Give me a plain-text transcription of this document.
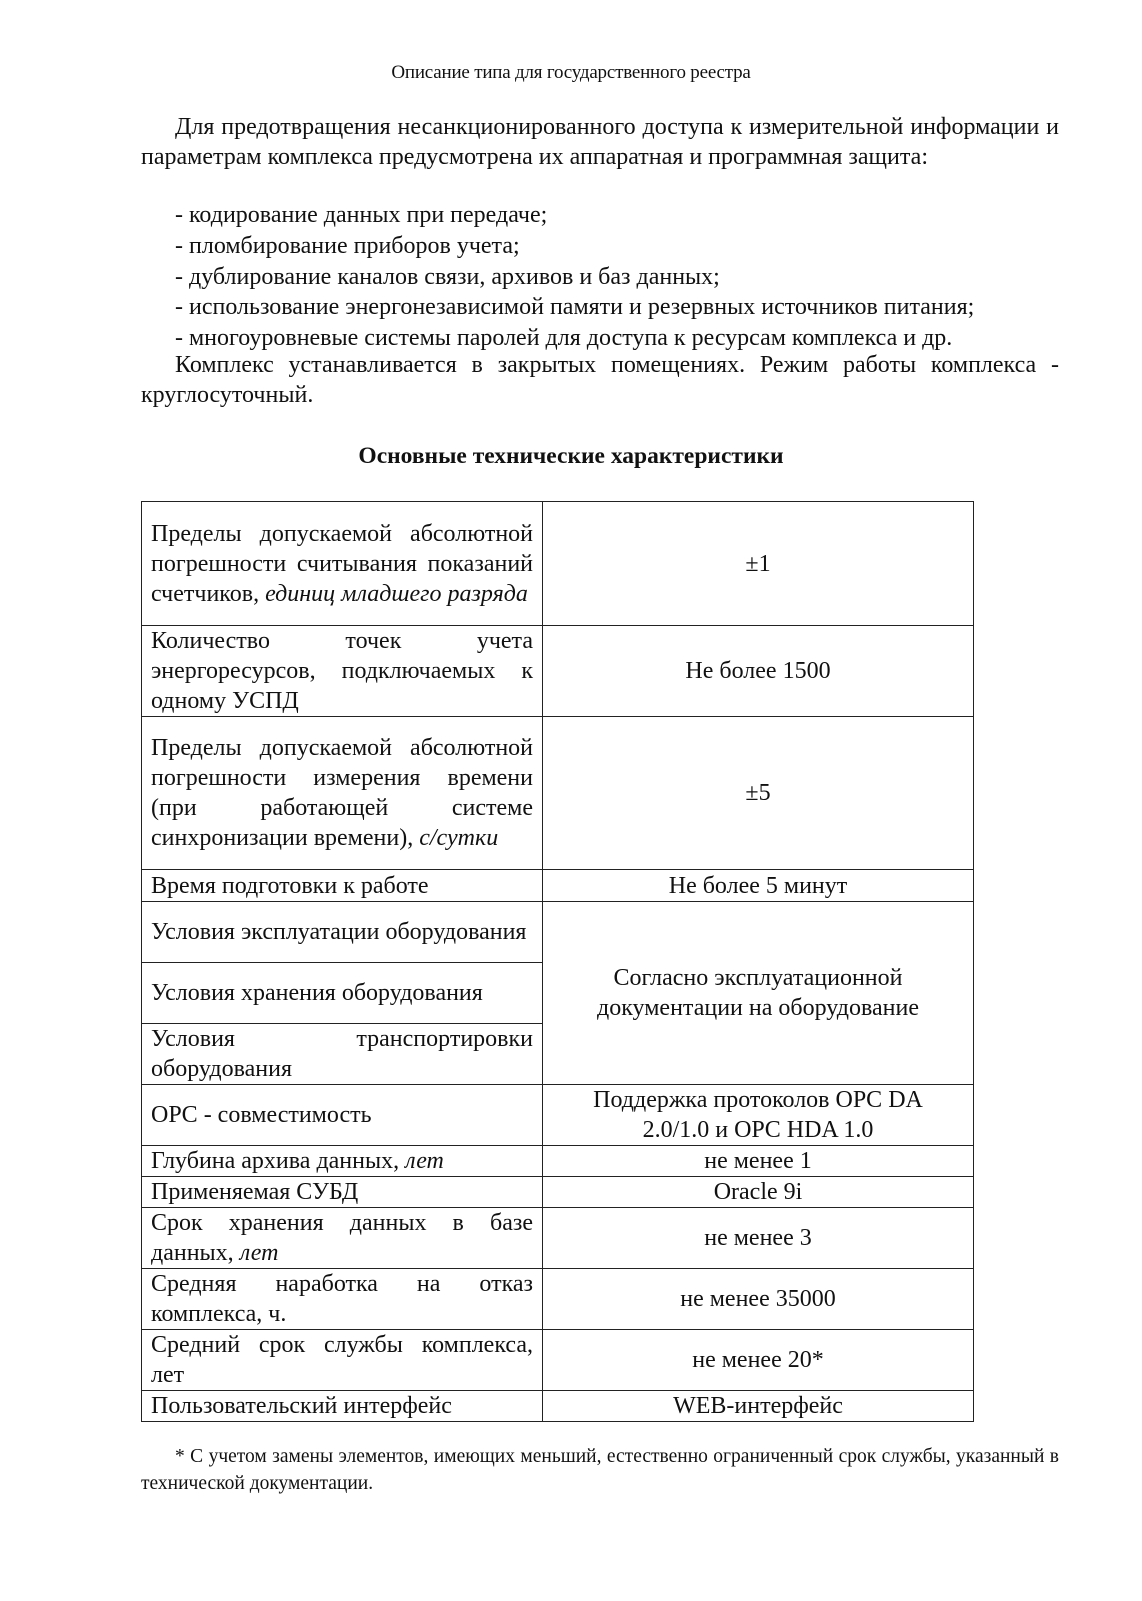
Описание типа для государственного реестра
Для предотвращения несанкционированного доступа к измерительной информации и параметрам комплекса предусмотрена их аппаратная и программная защита:
- кодирование данных при передаче;
- пломбирование приборов учета;
- дублирование каналов связи, архивов и баз данных;
- использование энергонезависимой памяти и резервных источников питания;
- многоуровневые системы паролей для доступа к ресурсам комплекса и др.
Комплекс устанавливается в закрытых помещениях. Режим работы комплекса - круглосуточный.
Основные технические характеристики
Пределы допускаемой абсолютной погрешности считывания показаний счетчиков, единиц младшего разряда	±1
Количество точек учета энергоресурсов, подключаемых к одному УСПД	Не более 1500
Пределы допускаемой абсолютной погрешности измерения времени (при работающей системе синхронизации времени), с/сутки	±5
Время подготовки к работе	Не более 5 минут
Условия эксплуатации оборудования	Согласно эксплуатационной документации на оборудование
Условия хранения оборудования	
Условия транспортировки оборудования	
OPC - совместимость	Поддержка протоколов OPC DA 2.0/1.0 и OPC HDA 1.0
Глубина архива данных, лет	не менее 1
Применяемая СУБД	Oracle 9i
Срок хранения данных в базе данных, лет	не менее 3
Средняя наработка на отказ комплекса, ч.	не менее 35000
Средний срок службы комплекса, лет	не менее 20*
Пользовательский интерфейс	WEB-интерфейс
* С учетом замены элементов, имеющих меньший, естественно ограниченный срок службы, указанный в технической документации.
